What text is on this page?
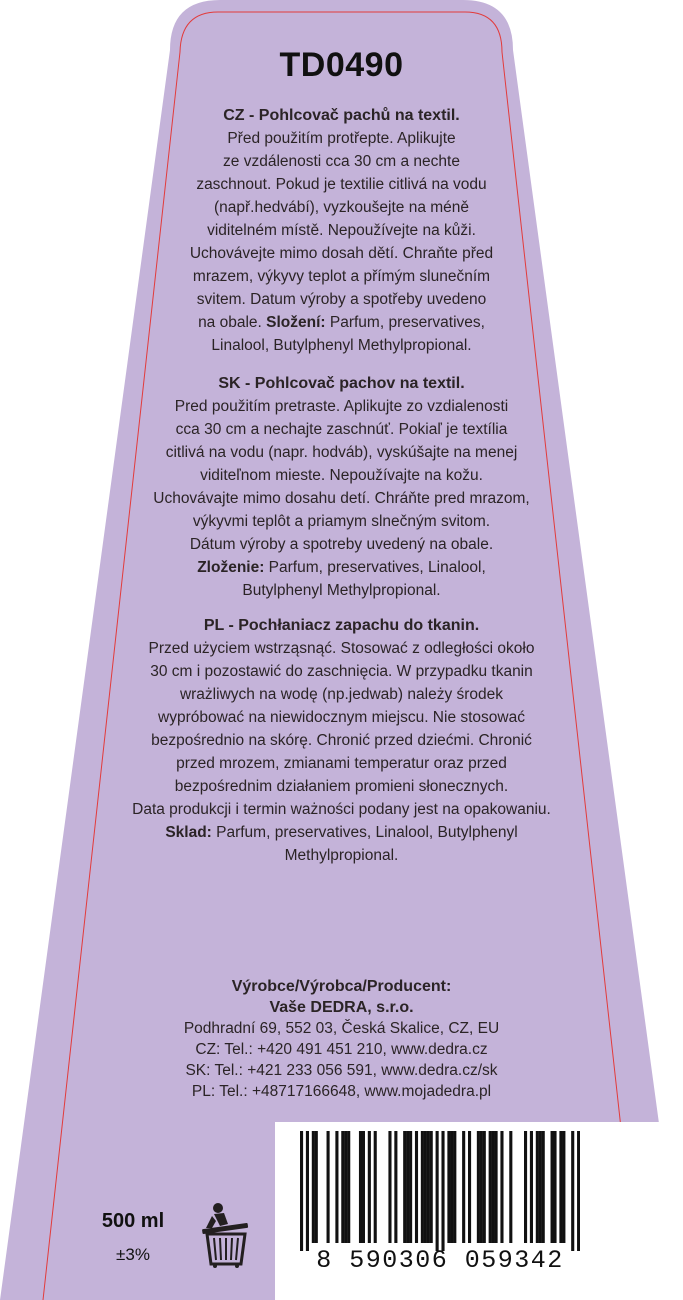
TD0490
CZ - Pohlcovač pachů na textil.
Před použitím protřepte. Aplikujte
ze vzdálenosti cca 30 cm a nechte
zaschnout. Pokud je textilie citlivá na vodu
(např.hedvábí), vyzkoušejte na méně
viditelném místě. Nepoužívejte na kůži.
Uchovávejte mimo dosah dětí. Chraňte před
mrazem, výkyvy teplot a přímým slunečním
svitem. Datum výroby a spotřeby uvedeno
na obale. Složení: Parfum, preservatives,
Linalool, Butylphenyl Methylpropional.
SK - Pohlcovač pachov na textil.
Pred použitím pretraste. Aplikujte zo vzdialenosti
cca 30 cm a nechajte zaschnúť. Pokiaľ je textília
citlivá na vodu (napr. hodváb), vyskúšajte na menej
viditeľnom mieste. Nepoužívajte na kožu.
Uchovávajte mimo dosahu detí. Chráňte pred mrazom,
výkyvmi teplôt a priamym slnečným svitom.
Dátum výroby a spotreby uvedený na obale.
Zloženie: Parfum, preservatives, Linalool,
Butylphenyl Methylpropional.
PL - Pochłaniacz zapachu do tkanin.
Przed użyciem wstrząsnąć. Stosować z odległości około
30 cm i pozostawić do zaschnięcia. W przypadku tkanin
wrażliwych na wodę (np.jedwab) należy środek
wypróbować na niewidocznym miejscu. Nie stosować
bezpośrednio na skórę. Chronić przed dziećmi. Chronić
przed mrozem, zmianami temperatur oraz przed
bezpośrednim działaniem promieni słonecznych.
Data produkcji i termin ważności podany jest na opakowaniu.
Sklad: Parfum, preservatives, Linalool, Butylphenyl
Methylpropional.
Výrobce/Výrobca/Producent:
Vaše DEDRA, s.r.o.
Podhradní 69, 552 03, Česká Skalice, CZ, EU
CZ: Tel.: +420 491 451 210, www.dedra.cz
SK: Tel.: +421 233 056 591, www.dedra.cz/sk
PL: Tel.: +48717166648, www.mojadedra.pl
500 ml
±3%	8 590306 059342
